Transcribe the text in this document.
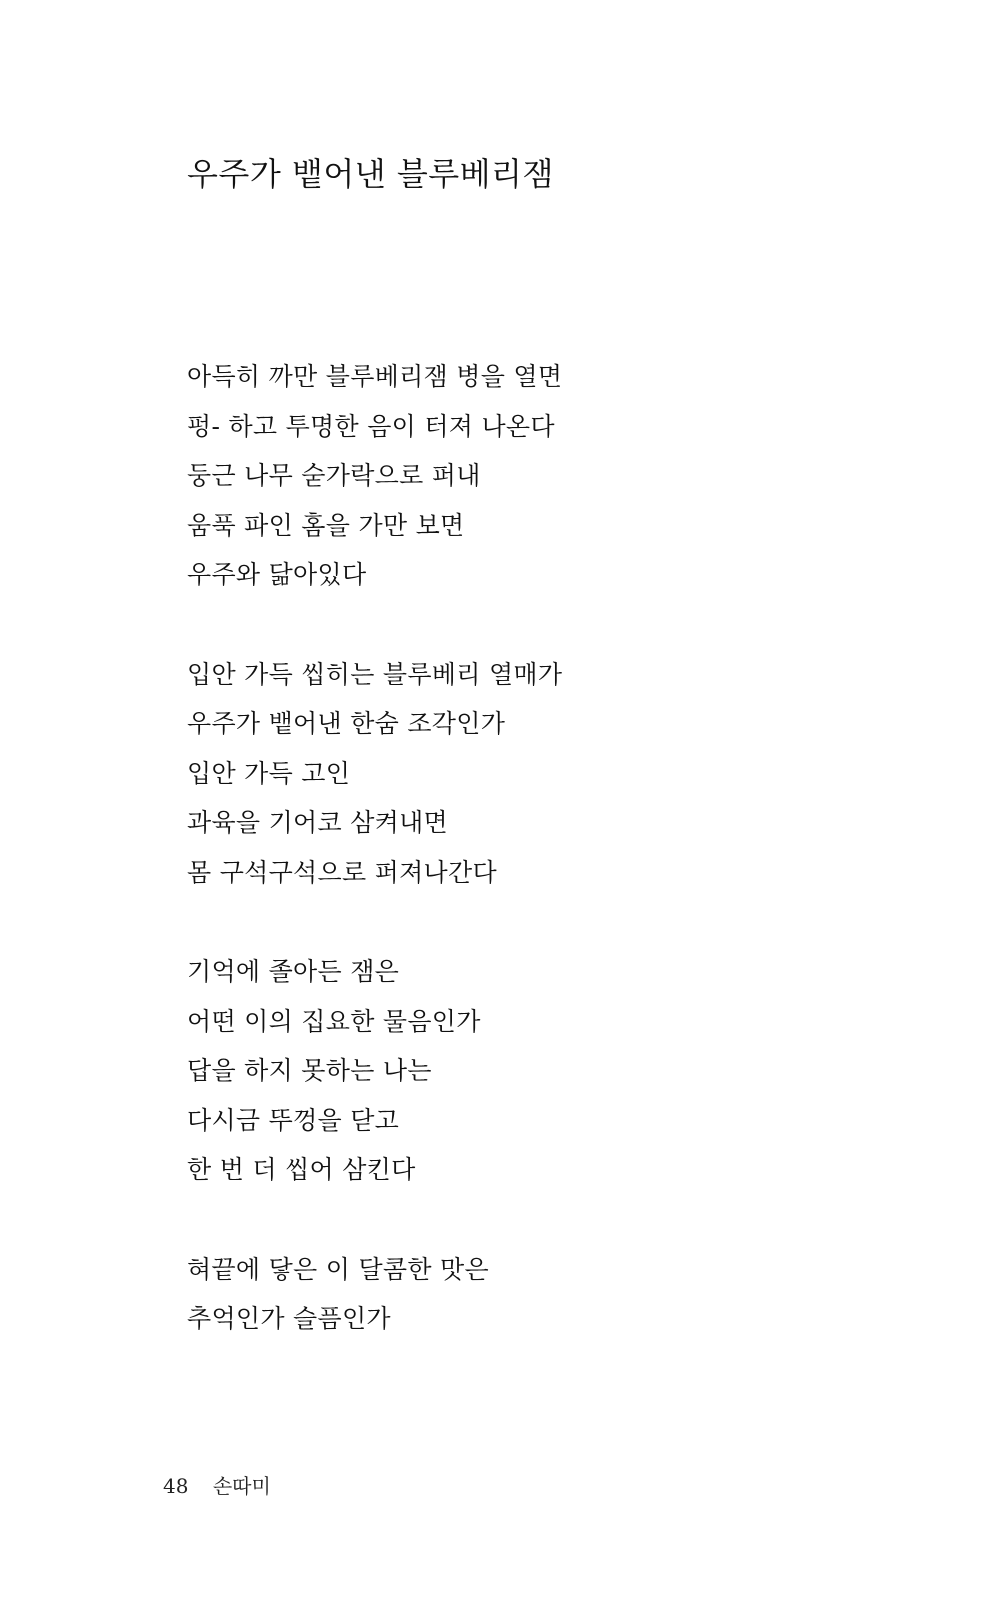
우주가 뱉어낸 블루베리잼
아득히 까만 블루베리잼 병을 열면
펑- 하고 투명한 음이 터져 나온다
둥근 나무 숟가락으로 퍼내
움푹 파인 홈을 가만 보면
우주와 닮아있다
입안 가득 씹히는 블루베리 열매가
우주가 뱉어낸 한숨 조각인가
입안 가득 고인
과육을 기어코 삼켜내면
몸 구석구석으로 퍼져나간다
기억에 졸아든 잼은
어떤 이의 집요한 물음인가
답을 하지 못하는 나는
다시금 뚜껑을 닫고
한 번 더 씹어 삼킨다
혀끝에 닿은 이 달콤한 맛은
추억인가 슬픔인가
48 손따미
